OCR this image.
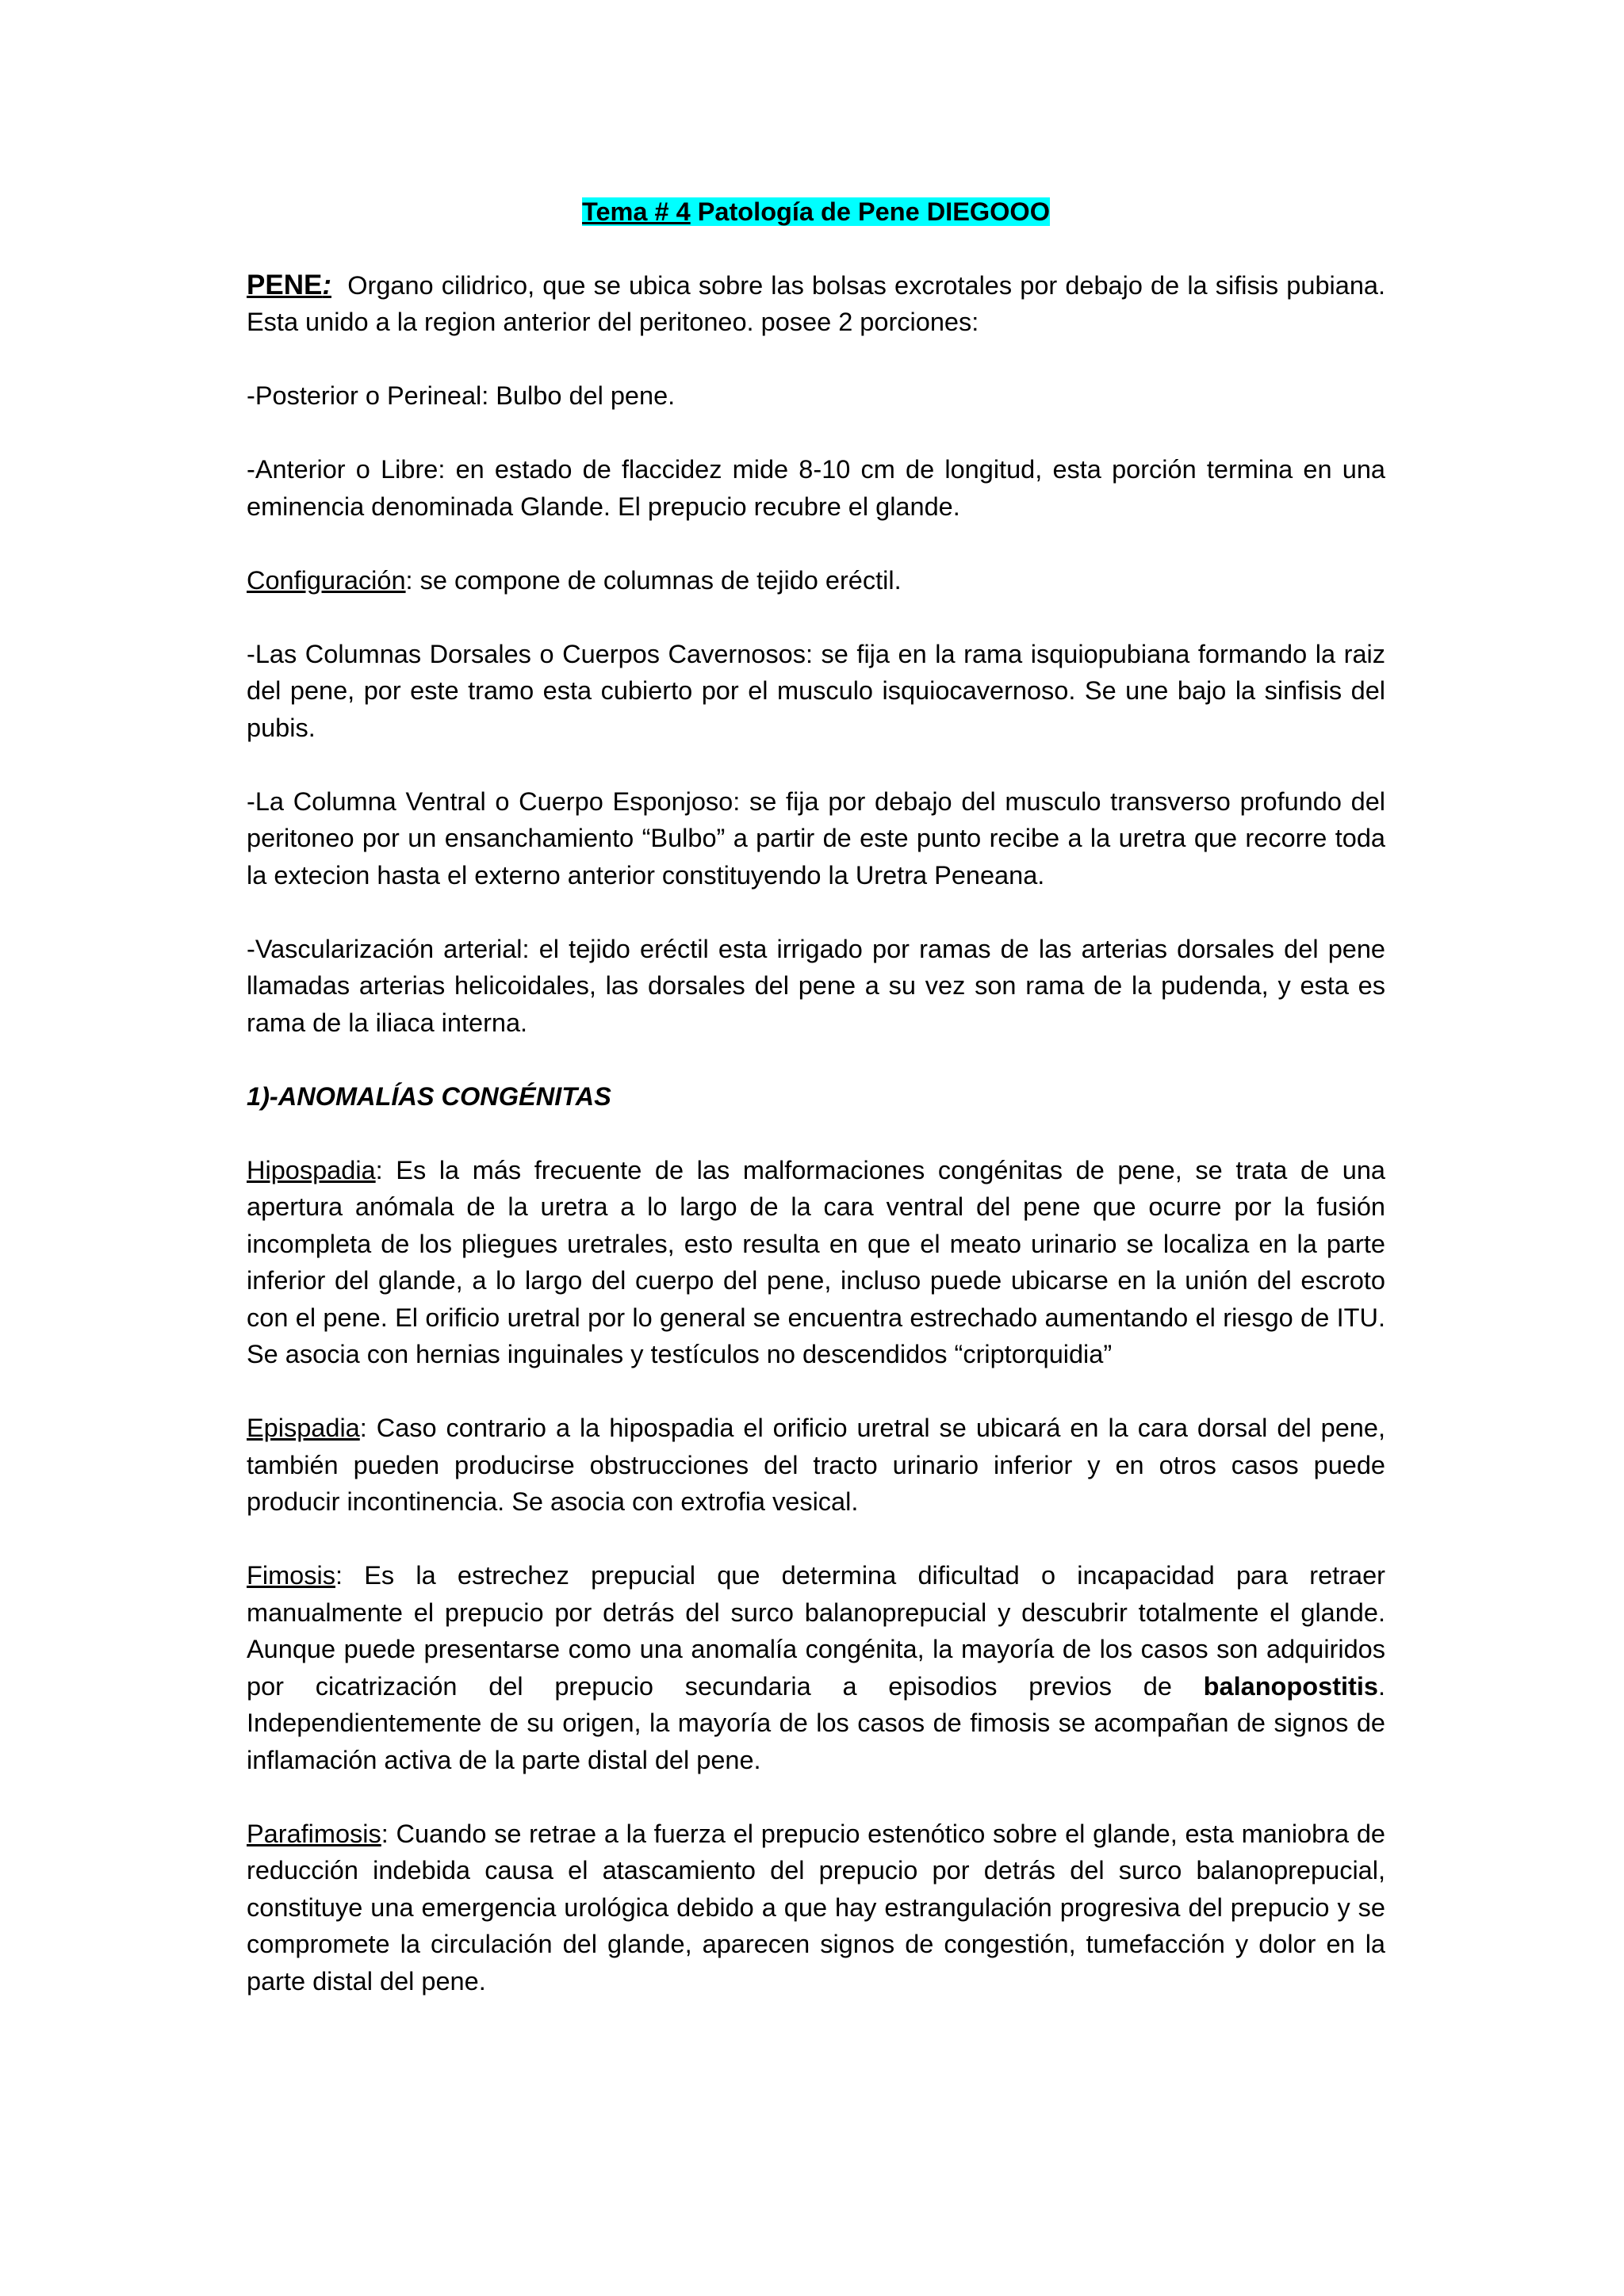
Tema # 4 Patología de Pene DIEGOOO

PENE: Organo cilidrico, que se ubica sobre las bolsas excrotales por debajo de la sifisis pubiana. Esta unido a la region anterior del peritoneo. posee 2 porciones:

-Posterior o Perineal: Bulbo del pene.

-Anterior o Libre: en estado de flaccidez mide 8-10 cm de longitud, esta porción termina en una eminencia denominada Glande. El prepucio recubre el glande.

Configuración: se compone de columnas de tejido eréctil.

-Las Columnas Dorsales o Cuerpos Cavernosos: se fija en la rama isquiopubiana formando la raiz del pene, por este tramo esta cubierto por el musculo isquiocavernoso. Se une bajo la sinfisis del pubis.

-La Columna Ventral o Cuerpo Esponjoso: se fija por debajo del musculo transverso profundo del peritoneo por un ensanchamiento “Bulbo” a partir de este punto recibe a la uretra que recorre toda la extecion hasta el externo anterior constituyendo la Uretra Peneana.

-Vascularización arterial: el tejido eréctil esta irrigado por ramas de las arterias dorsales del pene llamadas arterias helicoidales, las dorsales del pene a su vez son rama de la pudenda, y esta es rama de la iliaca interna.

1)-ANOMALÍAS CONGÉNITAS

Hipospadia: Es la más frecuente de las malformaciones congénitas de pene, se trata de una apertura anómala de la uretra a lo largo de la cara ventral del pene que ocurre por la fusión incompleta de los pliegues uretrales, esto resulta en que el meato urinario se localiza en la parte inferior del glande, a lo largo del cuerpo del pene, incluso puede ubicarse en la unión del escroto con el pene. El orificio uretral por lo general se encuentra estrechado aumentando el riesgo de ITU. Se asocia con hernias inguinales y testículos no descendidos “criptorquidia”

Epispadia: Caso contrario a la hipospadia el orificio uretral se ubicará en la cara dorsal del pene, también pueden producirse obstrucciones del tracto urinario inferior y en otros casos puede producir incontinencia. Se asocia con extrofia vesical.

Fimosis: Es la estrechez prepucial que determina dificultad o incapacidad para retraer manualmente el prepucio por detrás del surco balanoprepucial y descubrir totalmente el glande. Aunque puede presentarse como una anomalía congénita, la mayoría de los casos son adquiridos por cicatrización del prepucio secundaria a episodios previos de balanopostitis. Independientemente de su origen, la mayoría de los casos de fimosis se acompañan de signos de inflamación activa de la parte distal del pene.

Parafimosis: Cuando se retrae a la fuerza el prepucio estenótico sobre el glande, esta maniobra de reducción indebida causa el atascamiento del prepucio por detrás del surco balanoprepucial, constituye una emergencia urológica debido a que hay estrangulación progresiva del prepucio y se compromete la circulación del glande, aparecen signos de congestión, tumefacción y dolor en la parte distal del pene.
